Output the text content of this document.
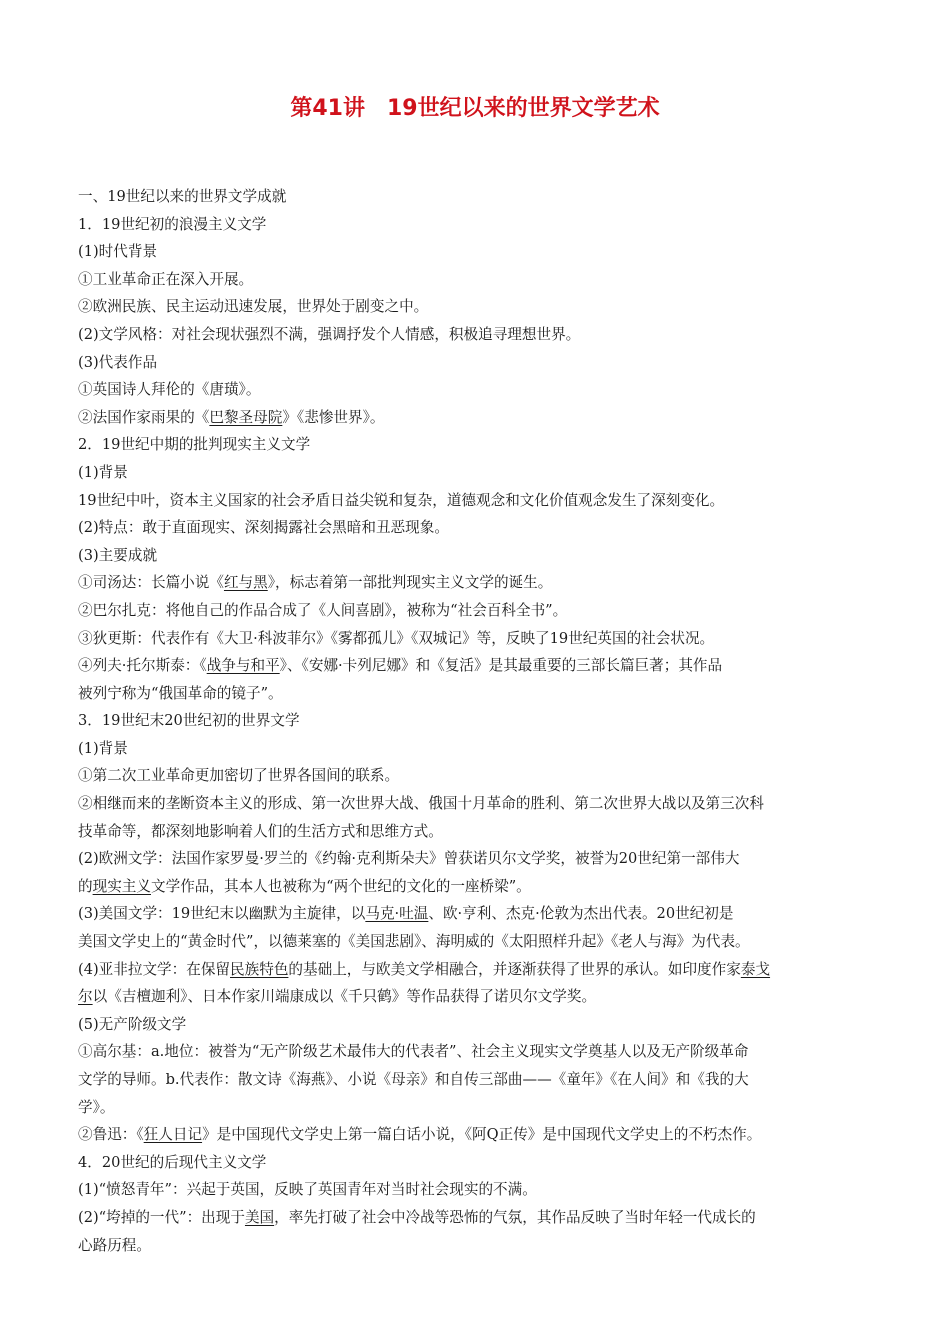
第41讲　19世纪以来的世界文学艺术
一、19世纪以来的世界文学成就
1．19世纪初的浪漫主义文学
(1)时代背景
①工业革命正在深入开展。
②欧洲民族、民主运动迅速发展，世界处于剧变之中。
(2)文学风格：对社会现状强烈不满，强调抒发个人情感，积极追寻理想世界。
(3)代表作品
①英国诗人拜伦的《唐璜》。
②法国作家雨果的《巴黎圣母院》《悲惨世界》。
2．19世纪中期的批判现实主义文学
(1)背景
19世纪中叶，资本主义国家的社会矛盾日益尖锐和复杂，道德观念和文化价值观念发生了深刻变化。
(2)特点：敢于直面现实、深刻揭露社会黑暗和丑恶现象。
(3)主要成就
①司汤达：长篇小说《红与黑》，标志着第一部批判现实主义文学的诞生。
②巴尔扎克：将他自己的作品合成了《人间喜剧》，被称为“社会百科全书”。
③狄更斯：代表作有《大卫·科波菲尔》《雾都孤儿》《双城记》等，反映了19世纪英国的社会状况。
④列夫·托尔斯泰：《战争与和平》、《安娜·卡列尼娜》和《复活》是其最重要的三部长篇巨著；其作品
被列宁称为“俄国革命的镜子”。
3．19世纪末20世纪初的世界文学
(1)背景
①第二次工业革命更加密切了世界各国间的联系。
②相继而来的垄断资本主义的形成、第一次世界大战、俄国十月革命的胜利、第二次世界大战以及第三次科
技革命等，都深刻地影响着人们的生活方式和思维方式。
(2)欧洲文学：法国作家罗曼·罗兰的《约翰·克利斯朵夫》曾获诺贝尔文学奖，被誉为20世纪第一部伟大
的现实主义文学作品，其本人也被称为“两个世纪的文化的一座桥梁”。
(3)美国文学：19世纪末以幽默为主旋律，以马克·吐温、欧·亨利、杰克·伦敦为杰出代表。20世纪初是
美国文学史上的“黄金时代”，以德莱塞的《美国悲剧》、海明威的《太阳照样升起》《老人与海》为代表。
(4)亚非拉文学：在保留民族特色的基础上，与欧美文学相融合，并逐渐获得了世界的承认。如印度作家泰戈
尔以《吉檀迦利》、日本作家川端康成以《千只鹤》等作品获得了诺贝尔文学奖。
(5)无产阶级文学
①高尔基：a.地位：被誉为“无产阶级艺术最伟大的代表者”、社会主义现实文学奠基人以及无产阶级革命
文学的导师。b.代表作：散文诗《海燕》、小说《母亲》和自传三部曲——《童年》《在人间》和《我的大
学》。
②鲁迅：《狂人日记》是中国现代文学史上第一篇白话小说，《阿Q正传》是中国现代文学史上的不朽杰作。
4．20世纪的后现代主义文学
(1)“愤怒青年”：兴起于英国，反映了英国青年对当时社会现实的不满。
(2)“垮掉的一代”：出现于美国，率先打破了社会中冷战等恐怖的气氛，其作品反映了当时年轻一代成长的
心路历程。
